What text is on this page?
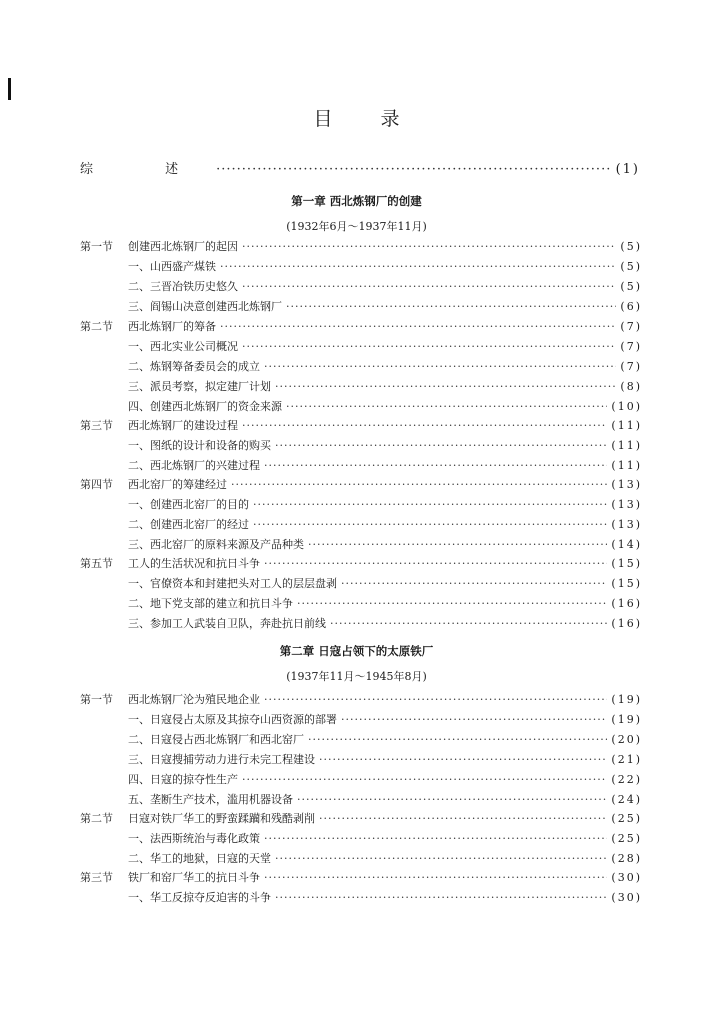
目	录
综 述 ·····	(1)
第一章 西北炼钢厂的创建
(1932年6月～1937年11月)
第一节 创建西北炼钢厂的起因 ·····	(5)
一、山西盛产煤铁 ·····	(5)
二、三晋冶铁历史悠久 ·····	(5)
三、阎锡山决意创建西北炼钢厂 ·····	(6)
第二节 西北炼钢厂的筹备 ·····	(7)
一、西北实业公司概况 ·····	(7)
二、炼钢筹备委员会的成立 ·····	(7)
三、派员考察，拟定建厂计划 ·····	(8)
四、创建西北炼钢厂的资金来源 ·····	(10)
第三节 西北炼钢厂的建设过程 ·····	(11)
一、图纸的设计和设备的购买 ·····	(11)
二、西北炼钢厂的兴建过程 ·····	(11)
第四节 西北窑厂的筹建经过 ·····	(13)
一、创建西北窑厂的目的 ·····	(13)
二、创建西北窑厂的经过 ·····	(13)
三、西北窑厂的原料来源及产品种类 ·····	(14)
第五节 工人的生活状况和抗日斗争 ·····	(15)
一、官僚资本和封建把头对工人的层层盘剥 ·····	(15)
二、地下党支部的建立和抗日斗争 ·····	(16)
三、参加工人武装自卫队，奔赴抗日前线 ·····	(16)
第二章 日寇占领下的太原铁厂
(1937年11月～1945年8月)
第一节 西北炼钢厂沦为殖民地企业 ·····	(19)
一、日寇侵占太原及其掠夺山西资源的部署 ·····	(19)
二、日寇侵占西北炼钢厂和西北窑厂 ·····	(20)
三、日寇搜捕劳动力进行未完工程建设 ·····	(21)
四、日寇的掠夺性生产 ·····	(22)
五、垄断生产技术，滥用机器设备 ·····	(24)
第二节 日寇对铁厂华工的野蛮蹂躏和残酷剥削 ·····	(25)
一、法西斯统治与毒化政策 ·····	(25)
二、华工的地狱，日寇的天堂 ·····	(28)
第三节 铁厂和窑厂华工的抗日斗争 ·····	(30)
一、华工反掠夺反迫害的斗争 ·····	(30)
